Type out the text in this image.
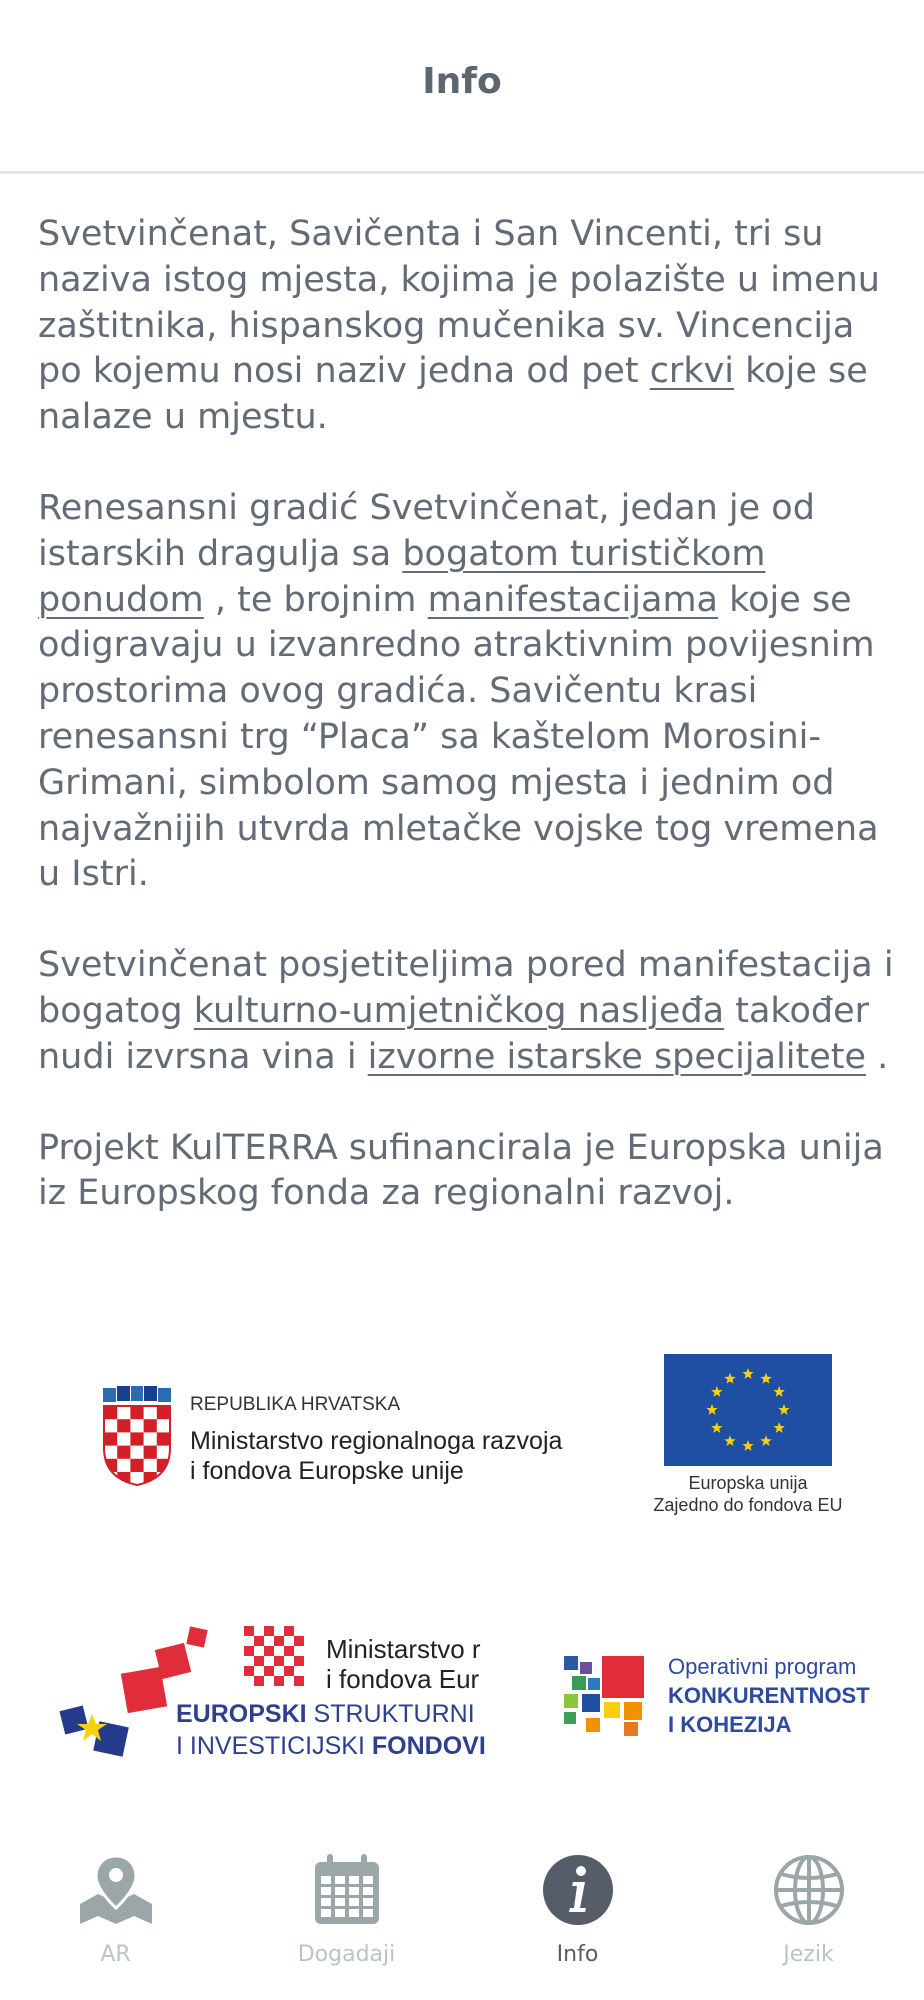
Info

Svetvinčenat, Savičenta i San Vincenti, tri su naziva istog mjesta, kojima je polazište u imenu zaštitnika, hispanskog mučenika sv. Vincencija po kojemu nosi naziv jedna od pet crkvi koje se nalaze u mjestu.

Renesansni gradić Svetvinčenat, jedan je od istarskih dragulja sa bogatom turističkom ponudom , te brojnim manifestacijama koje se odigravaju u izvanredno atraktivnim povijesnim prostorima ovog gradića. Savičentu krasi renesansni trg “Placa” sa kaštelom Morosini-Grimani, simbolom samog mjesta i jednim od najvažnijih utvrda mletačke vojske tog vremena u Istri.

Svetvinčenat posjetiteljima pored manifestacija i bogatog kulturno-umjetničkog naslјeđa također nudi izvrsna vina i izvorne istarske specijalitete .

Projekt KulTERRA sufinancirala je Europska unija iz Europskog fonda za regionalni razvoj.

REPUBLIKA HRVATSKA
Ministarstvo regionalnoga razvoja
i fondova Europske unije	Europska unija
Zajedno do fondova EU
Ministarstvo r
i fondova Eur
EUROPSKI STRUKTURNI
I INVESTICIJSKI FONDOVI
Operativni program
KONKURENTNOST
I KOHEZIJA
AR	Dogadaji	Info	Jezik
